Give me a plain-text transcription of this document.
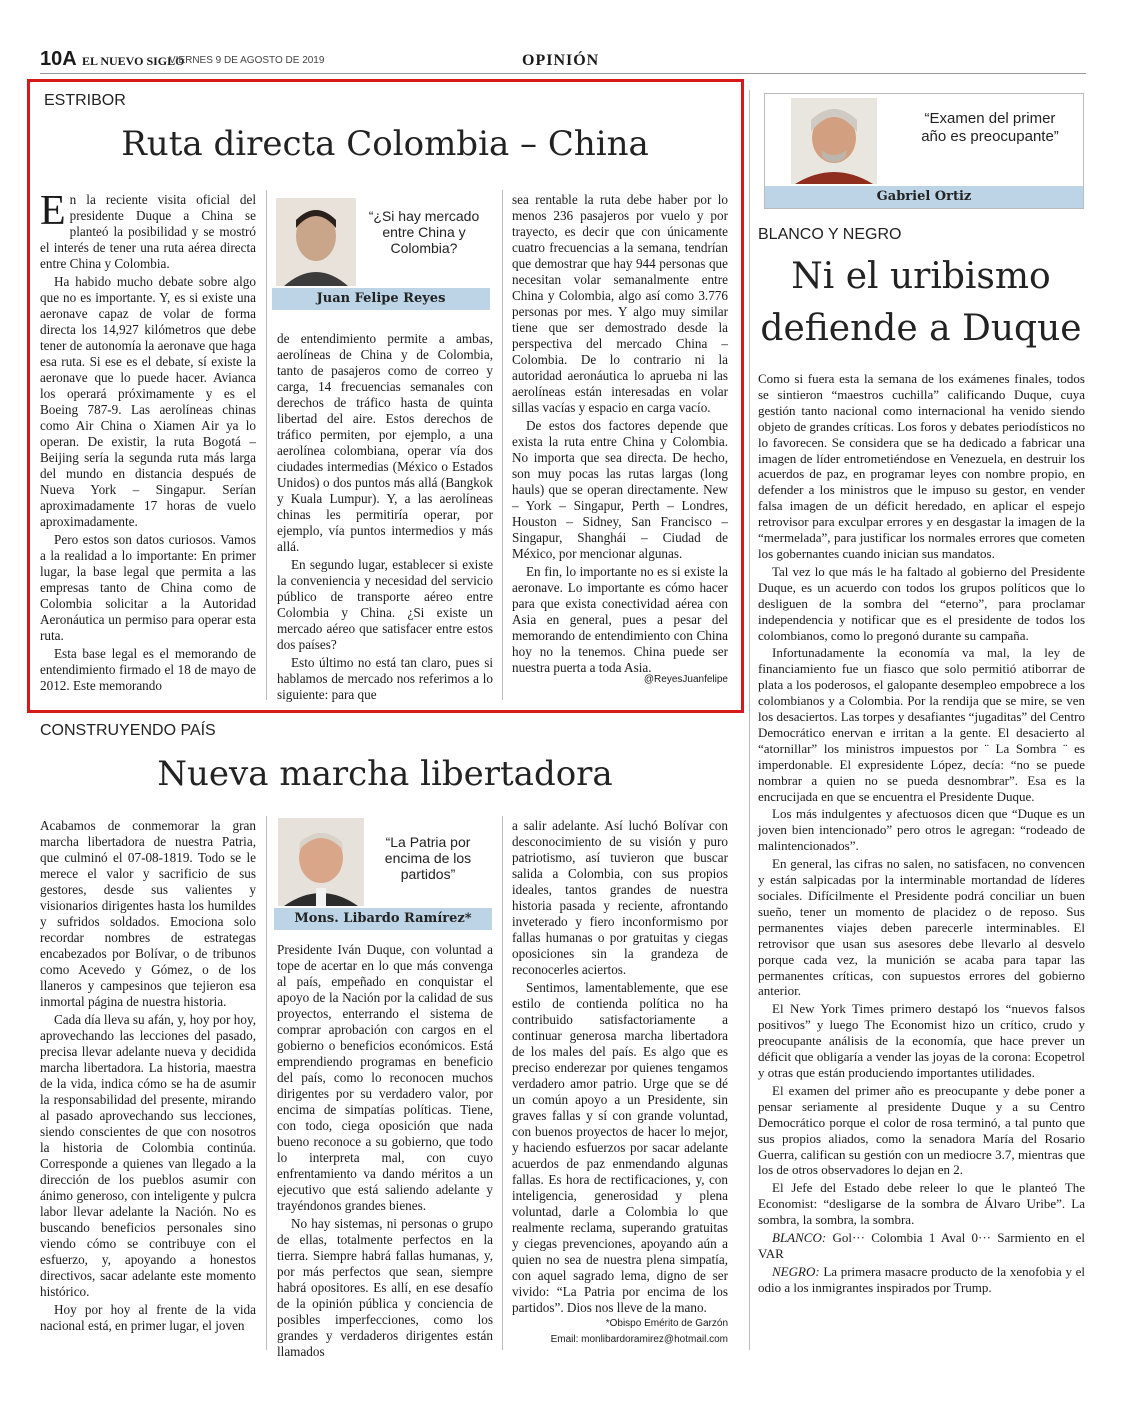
10A EL NUEVO SIGLO
VIERNES 9 DE AGOSTO DE 2019	OPINIÓN
ESTRIBOR
Ruta directa Colombia – China

En la reciente visita oficial del presidente Duque a China se planteó la posibilidad y se mostró el interés de tener una ruta aérea directa entre China y Colombia.

Ha habido mucho debate sobre algo que no es importante. Y, es si existe una aeronave capaz de volar de forma directa los 14,927 kilómetros que debe tener de autonomía la aeronave que haga esa ruta. Si ese es el debate, sí existe la aeronave que lo puede hacer. Avianca los operará próximamente y es el Boeing 787-9. Las aerolíneas chinas como Air China o Xiamen Air ya lo operan. De existir, la ruta Bogotá – Beijing sería la segunda ruta más larga del mundo en distancia después de Nueva York – Singapur. Serían aproximadamente 17 horas de vuelo aproximadamente.

Pero estos son datos curiosos. Vamos a la realidad a lo importante: En primer lugar, la base legal que permita a las empresas tanto de China como de Colombia solicitar a la Autoridad Aeronáutica un permiso para operar esta ruta.

Esta base legal es el memorando de entendimiento firmado el 18 de mayo de 2012. Este memorando

“¿Si hay mercado entre China y Colombia?
Juan Felipe Reyes

de entendimiento permite a ambas, aerolíneas de China y de Colombia, tanto de pasajeros como de correo y carga, 14 frecuencias semanales con derechos de tráfico hasta de quinta libertad del aire. Estos derechos de tráfico permiten, por ejemplo, a una aerolínea colombiana, operar vía dos ciudades intermedias (México o Estados Unidos) o dos puntos más allá (Bangkok y Kuala Lumpur). Y, a las aerolíneas chinas les permitiría operar, por ejemplo, vía puntos intermedios y más allá.

En segundo lugar, establecer si existe la conveniencia y necesidad del servicio público de transporte aéreo entre Colombia y China. ¿Si existe un mercado aéreo que satisfacer entre estos dos países?

Esto último no está tan claro, pues si hablamos de mercado nos referimos a lo siguiente: para que

sea rentable la ruta debe haber por lo menos 236 pasajeros por vuelo y por trayecto, es decir que con únicamente cuatro frecuencias a la semana, tendrían que demostrar que hay 944 personas que necesitan volar semanalmente entre China y Colombia, algo así como 3.776 personas por mes. Y algo muy similar tiene que ser demostrado desde la perspectiva del mercado China – Colombia. De lo contrario ni la autoridad aeronáutica lo aprueba ni las aerolíneas están interesadas en volar sillas vacías y espacio en carga vacío.

De estos dos factores depende que exista la ruta entre China y Colombia. No importa que sea directa. De hecho, son muy pocas las rutas largas (long hauls) que se operan directamente. New – York – Singapur, Perth – Londres, Houston – Sidney, San Francisco – Singapur, Shanghái – Ciudad de México, por mencionar algunas.

En fin, lo importante no es si existe la aeronave. Lo importante es cómo hacer para que exista conectividad aérea con Asia en general, pues a pesar del memorando de entendimiento con China hoy no la tenemos. China puede ser nuestra puerta a toda Asia.

@ReyesJuanfelipe
CONSTRUYENDO PAÍS
Nueva marcha libertadora

Acabamos de conmemorar la gran marcha libertadora de nuestra Patria, que culminó el 07-08-1819. Todo se le merece el valor y sacrificio de sus gestores, desde sus valientes y visionarios dirigentes hasta los humildes y sufridos soldados. Emociona solo recordar nombres de estrategas encabezados por Bolívar, o de tribunos como Acevedo y Gómez, o de los llaneros y campesinos que tejieron esa inmortal página de nuestra historia.

Cada día lleva su afán, y, hoy por hoy, aprovechando las lecciones del pasado, precisa llevar adelante nueva y decidida marcha libertadora. La historia, maestra de la vida, indica cómo se ha de asumir la responsabilidad del presente, mirando al pasado aprovechando sus lecciones, siendo conscientes de que con nosotros la historia de Colombia continúa. Corresponde a quienes van llegado a la dirección de los pueblos asumir con ánimo generoso, con inteligente y pulcra labor llevar adelante la Nación. No es buscando beneficios personales sino viendo cómo se contribuye con el esfuerzo, y, apoyando a honestos directivos, sacar adelante este momento histórico.

Hoy por hoy al frente de la vida nacional está, en primer lugar, el joven

“La Patria por encima de los partidos”
Mons. Libardo Ramírez*

Presidente Iván Duque, con voluntad a tope de acertar en lo que más convenga al país, empeñado en conquistar el apoyo de la Nación por la calidad de sus proyectos, enterrando el sistema de comprar aprobación con cargos en el gobierno o beneficios económicos. Está emprendiendo programas en beneficio del país, como lo reconocen muchos dirigentes por su verdadero valor, por encima de simpatías políticas. Tiene, con todo, ciega oposición que nada bueno reconoce a su gobierno, que todo lo interpreta mal, con cuyo enfrentamiento va dando méritos a un ejecutivo que está saliendo adelante y trayéndonos grandes bienes.

No hay sistemas, ni personas o grupo de ellas, totalmente perfectos en la tierra. Siempre habrá fallas humanas, y, por más perfectos que sean, siempre habrá opositores. Es allí, en ese desafío de la opinión pública y conciencia de posibles imperfecciones, como los grandes y verdaderos dirigentes están llamados

a salir adelante. Así luchó Bolívar con desconocimiento de su visión y puro patriotismo, así tuvieron que buscar salida a Colombia, con sus propios ideales, tantos grandes de nuestra historia pasada y reciente, afrontando inveterado y fiero inconformismo por fallas humanas o por gratuitas y ciegas oposiciones sin la grandeza de reconocerles aciertos.

Sentimos, lamentablemente, que ese estilo de contienda política no ha contribuido satisfactoriamente a continuar generosa marcha libertadora de los males del país. Es algo que es preciso enderezar por quienes tengamos verdadero amor patrio. Urge que se dé un común apoyo a un Presidente, sin graves fallas y sí con grande voluntad, con buenos proyectos de hacer lo mejor, y haciendo esfuerzos por sacar adelante acuerdos de paz enmendando algunas fallas. Es hora de rectificaciones, y, con inteligencia, generosidad y plena voluntad, darle a Colombia lo que realmente reclama, superando gratuitas y ciegas prevenciones, apoyando aún a quien no sea de nuestra plena simpatía, con aquel sagrado lema, digno de ser vivido: “La Patria por encima de los partidos”. Dios nos lleve de la mano.

*Obispo Emérito de Garzón
Email: monlibardoramirez@hotmail.com
“Examen del primer año es preocupante”
Gabriel Ortiz
BLANCO Y NEGRO
Ni el uribismo
defiende a Duque

Como si fuera esta la semana de los exámenes finales, todos se sintieron “maestros cuchilla” calificando Duque, cuya gestión tanto nacional como internacional ha venido siendo objeto de grandes críticas. Los foros y debates periodísticos no lo favorecen. Se considera que se ha dedicado a fabricar una imagen de líder entrometiéndose en Venezuela, en destruir los acuerdos de paz, en programar leyes con nombre propio, en defender a los ministros que le impuso su gestor, en vender falsa imagen de un déficit heredado, en aplicar el espejo retrovisor para exculpar errores y en desgastar la imagen de la “mermelada”, para justificar los normales errores que cometen los gobernantes cuando inician sus mandatos.

Tal vez lo que más le ha faltado al gobierno del Presidente Duque, es un acuerdo con todos los grupos políticos que lo desliguen de la sombra del “eterno”, para proclamar independencia y notificar que es el presidente de todos los colombianos, como lo pregonó durante su campaña.

Infortunadamente la economía va mal, la ley de financiamiento fue un fiasco que solo permitió atiborrar de plata a los poderosos, el galopante desempleo empobrece a los colombianos y a Colombia. Por la rendija que se mire, se ven los desaciertos. Las torpes y desafiantes “jugaditas” del Centro Democrático enervan e irritan a la gente. El desacierto al “atornillar” los ministros impuestos por ¨ La Sombra ¨ es imperdonable. El expresidente López, decía: “no se puede nombrar a quien no se pueda desnombrar”. Esa es la encrucijada en que se encuentra el Presidente Duque.

Los más indulgentes y afectuosos dicen que “Duque es un joven bien intencionado” pero otros le agregan: “rodeado de malintencionados”.

En general, las cifras no salen, no satisfacen, no convencen y están salpicadas por la interminable mortandad de líderes sociales. Difícilmente el Presidente podrá conciliar un buen sueño, tener un momento de placidez o de reposo. Sus permanentes viajes deben parecerle interminables. El retrovisor que usan sus asesores debe llevarlo al desvelo porque cada vez, la munición se acaba para tapar las permanentes críticas, con supuestos errores del gobierno anterior.

El New York Times primero destapó los “nuevos falsos positivos” y luego The Economist hizo un crítico, crudo y preocupante análisis de la economía, que hace prever un déficit que obligaría a vender las joyas de la corona: Ecopetrol y otras que están produciendo importantes utilidades.

El examen del primer año es preocupante y debe poner a pensar seriamente al presidente Duque y a su Centro Democrático porque el color de rosa terminó, a tal punto que sus propios aliados, como la senadora María del Rosario Guerra, califican su gestión con un mediocre 3.7, mientras que los de otros observadores lo dejan en 2.

El Jefe del Estado debe releer lo que le planteó The Economist: “desligarse de la sombra de Álvaro Uribe”. La sombra, la sombra, la sombra.

BLANCO: Gol··· Colombia 1 Aval 0··· Sarmiento en el VAR

NEGRO: La primera masacre producto de la xenofobia y el odio a los inmigrantes inspirados por Trump.
